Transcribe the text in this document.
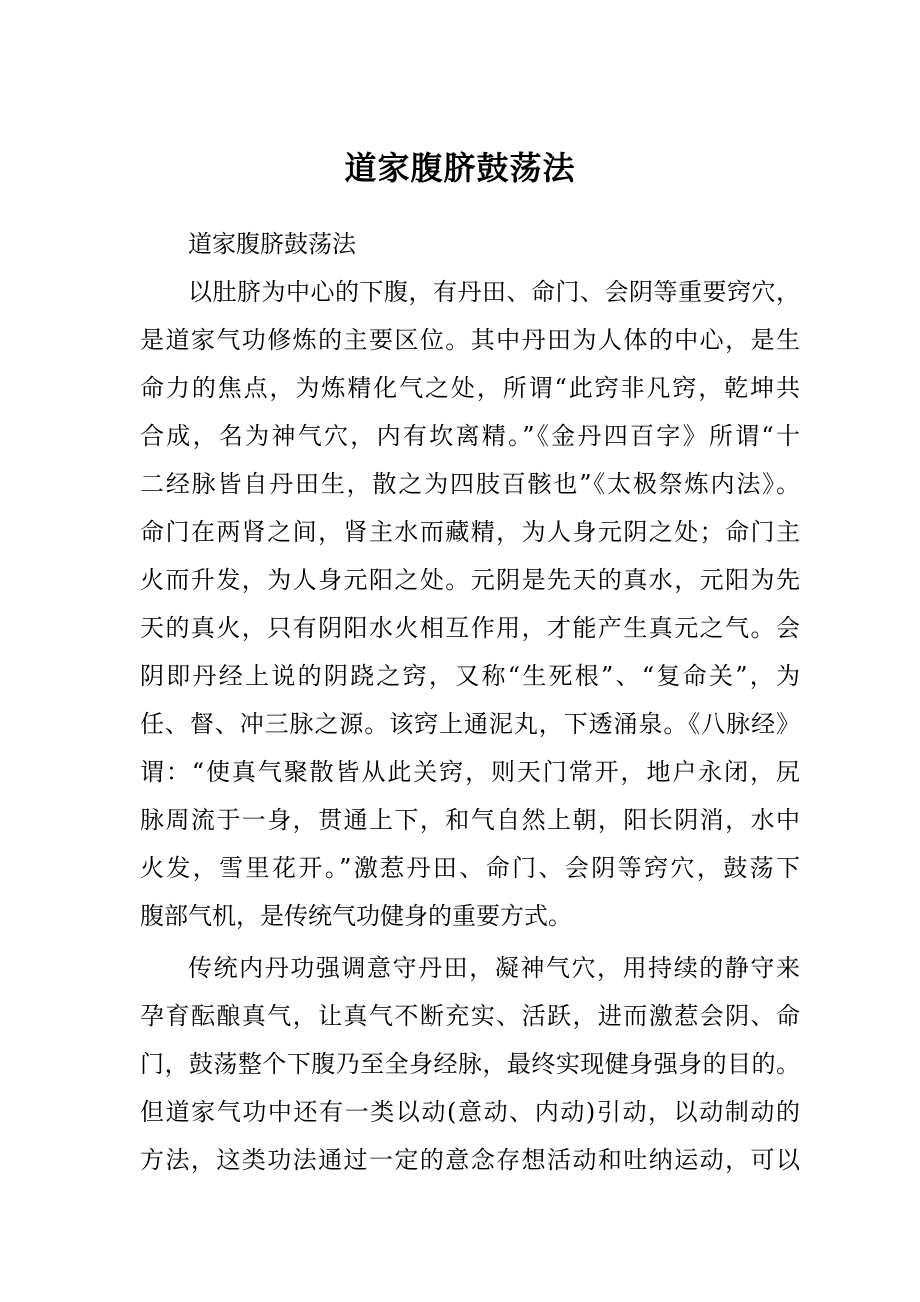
道家腹脐鼓荡法
道家腹脐鼓荡法
以肚脐为中心的下腹，有丹田、命门、会阴等重要窍穴，
是道家气功修炼的主要区位。其中丹田为人体的中心，是生
命力的焦点，为炼精化气之处，所谓“此窍非凡窍，乾坤共
合成，名为神气穴，内有坎离精。”《金丹四百字》所谓“十
二经脉皆自丹田生，散之为四肢百骸也”《太极祭炼内法》。
命门在两肾之间，肾主水而藏精，为人身元阴之处；命门主
火而升发，为人身元阳之处。元阴是先天的真水，元阳为先
天的真火，只有阴阳水火相互作用，才能产生真元之气。会
阴即丹经上说的阴跷之窍，又称“生死根”、“复命关”，为
任、督、冲三脉之源。该窍上通泥丸，下透涌泉。《八脉经》
谓：“使真气聚散皆从此关窍，则天门常开，地户永闭，尻
脉周流于一身，贯通上下，和气自然上朝，阳长阴消，水中
火发，雪里花开。”激惹丹田、命门、会阴等窍穴，鼓荡下
腹部气机，是传统气功健身的重要方式。
传统内丹功强调意守丹田，凝神气穴，用持续的静守来
孕育酝酿真气，让真气不断充实、活跃，进而激惹会阴、命
门，鼓荡整个下腹乃至全身经脉，最终实现健身强身的目的。
但道家气功中还有一类以动(意动、内动)引动，以动制动的
方法，这类功法通过一定的意念存想活动和吐纳运动，可以
